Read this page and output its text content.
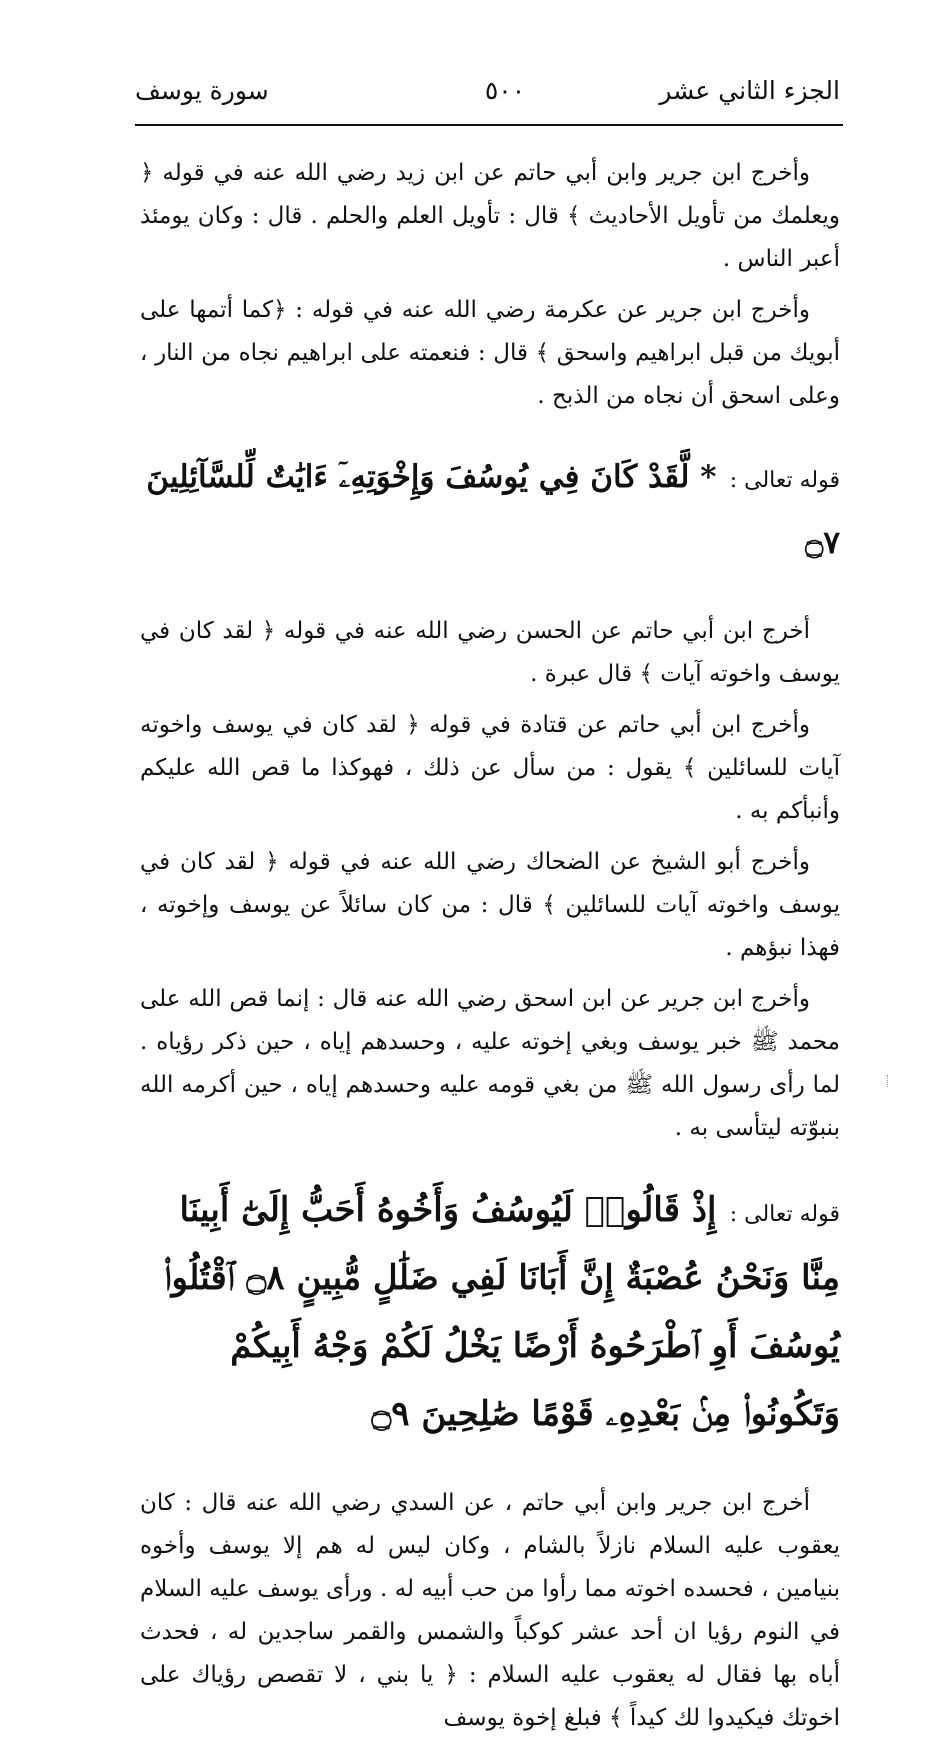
الجزء الثاني عشر
٥٠٠
سورة يوسف

وأخرج ابن جرير وابن أبي حاتم عن ابن زيد رضي الله عنه في قوله ﴿ ويعلمك من تأويل الأحاديث ﴾ قال : تأويل العلم والحلم . قال : وكان يومئذ أعبر الناس .

وأخرج ابن جرير عن عكرمة رضي الله عنه في قوله : ﴿كما أتمها على أبويك من قبل ابراهيم واسحق ﴾ قال : فنعمته على ابراهيم نجاه من النار ، وعلى اسحق أن نجاه من الذبح .

قوله تعالى : * لَّقَدْ كَانَ فِي يُوسُفَ وَإِخْوَتِهِۦٓ ءَايَٰتٌ لِّلسَّآئِلِينَ ۝٧

أخرج ابن أبي حاتم عن الحسن رضي الله عنه في قوله ﴿ لقد كان في يوسف واخوته آيات ﴾ قال عبرة .

وأخرج ابن أبي حاتم عن قتادة في قوله ﴿ لقد كان في يوسف واخوته آيات للسائلين ﴾ يقول : من سأل عن ذلك ، فهوكذا ما قص الله عليكم وأنبأكم به .

وأخرج أبو الشيخ عن الضحاك رضي الله عنه في قوله ﴿ لقد كان في يوسف واخوته آيات للسائلين ﴾ قال : من كان سائلاً عن يوسف وإخوته ، فهذا نبؤهم .

وأخرج ابن جرير عن ابن اسحق رضي الله عنه قال : إنما قص الله على محمد ﷺ خبر يوسف وبغي إخوته عليه ، وحسدهم إياه ، حين ذكر رؤياه . لما رأى رسول الله ﷺ من بغي قومه عليه وحسدهم إياه ، حين أكرمه الله بنبوّته ليتأسى به .

قوله تعالى : إِذْ قَالُوا۟ لَيُوسُفُ وَأَخُوهُ أَحَبُّ إِلَىٰٓ أَبِينَا مِنَّا وَنَحْنُ عُصْبَةٌ إِنَّ أَبَانَا لَفِي ضَلَٰلٍ مُّبِينٍ ۝٨ ٱقْتُلُوا۟ يُوسُفَ أَوِ ٱطْرَحُوهُ أَرْضًا يَخْلُ لَكُمْ وَجْهُ أَبِيكُمْ وَتَكُونُوا۟ مِنۢ بَعْدِهِۦ قَوْمًا صَٰلِحِينَ ۝٩

أخرج ابن جرير وابن أبي حاتم ، عن السدي رضي الله عنه قال : كان يعقوب عليه السلام نازلاً بالشام ، وكان ليس له هم إلا يوسف وأخوه بنيامين ، فحسده اخوته مما رأوا من حب أبيه له . ورأى يوسف عليه السلام في النوم رؤيا ان أحد عشر كوكباً والشمس والقمر ساجدين له ، فحدث أباه بها فقال له يعقوب عليه السلام : ﴿ يا بني ، لا تقصص رؤياك على اخوتك فيكيدوا لك كيداً ﴾ فبلغ إخوة يوسف
